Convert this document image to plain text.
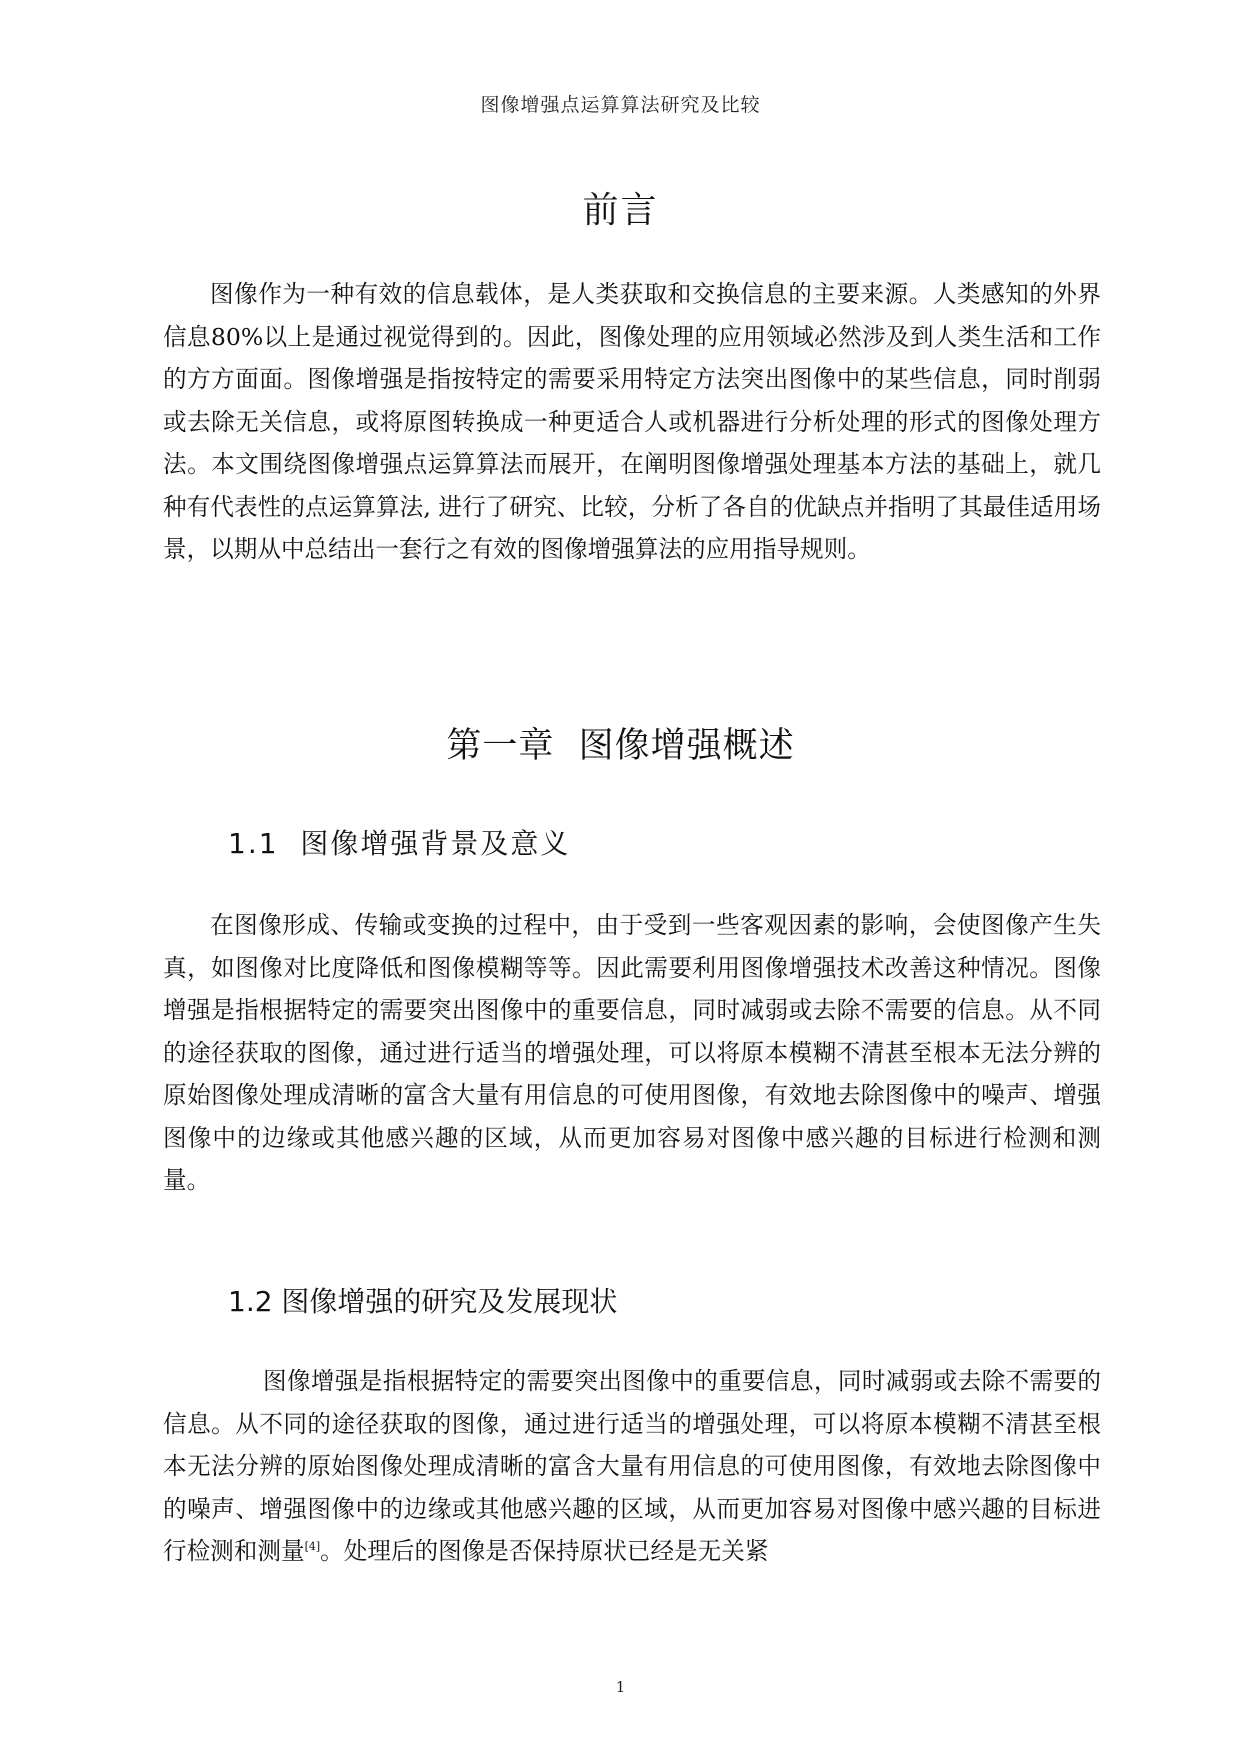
图像增强点运算算法研究及比较
前言

图像作为一种有效的信息载体，是人类获取和交换信息的主要来源。人类感知的外界信息80%以上是通过视觉得到的。因此，图像处理的应用领域必然涉及到人类生活和工作的方方面面。图像增强是指按特定的需要采用特定方法突出图像中的某些信息，同时削弱或去除无关信息，或将原图转换成一种更适合人或机器进行分析处理的形式的图像处理方法。本文围绕图像增强点运算算法而展开，在阐明图像增强处理基本方法的基础上，就几种有代表性的点运算算法, 进行了研究、比较，分析了各自的优缺点并指明了其最佳适用场景，以期从中总结出一套行之有效的图像增强算法的应用指导规则。

第一章  图像增强概述
1.1  图像增强背景及意义

在图像形成、传输或变换的过程中，由于受到一些客观因素的影响，会使图像产生失真，如图像对比度降低和图像模糊等等。因此需要利用图像增强技术改善这种情况。图像增强是指根据特定的需要突出图像中的重要信息，同时减弱或去除不需要的信息。从不同的途径获取的图像，通过进行适当的增强处理，可以将原本模糊不清甚至根本无法分辨的原始图像处理成清晰的富含大量有用信息的可使用图像，有效地去除图像中的噪声、增强图像中的边缘或其他感兴趣的区域，从而更加容易对图像中感兴趣的目标进行检测和测量。

1.2 图像增强的研究及发展现状

图像增强是指根据特定的需要突出图像中的重要信息，同时减弱或去除不需要的信息。从不同的途径获取的图像，通过进行适当的增强处理，可以将原本模糊不清甚至根本无法分辨的原始图像处理成清晰的富含大量有用信息的可使用图像，有效地去除图像中的噪声、增强图像中的边缘或其他感兴趣的区域，从而更加容易对图像中感兴趣的目标进行检测和测量[4]。处理后的图像是否保持原状已经是无关紧

1
